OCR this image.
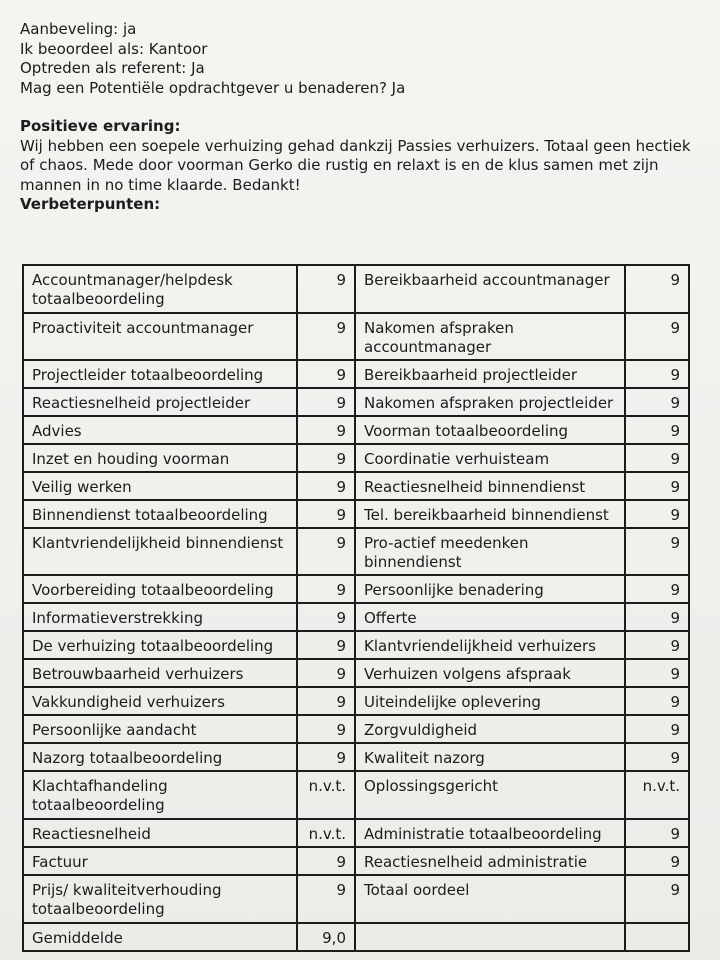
Aanbeveling: ja
Ik beoordeel als: Kantoor
Optreden als referent: Ja
Mag een Potentiële opdrachtgever u benaderen? Ja
Positieve ervaring:

Wij hebben een soepele verhuizing gehad dankzij Passies verhuizers. Totaal geen hectiek of chaos. Mede door voorman Gerko die rustig en relaxt is en de klus samen met zijn mannen in no time klaarde. Bedankt!

Verbeterpunten:
Accountmanager/helpdesk totaalbeoordeling	9	Bereikbaarheid accountmanager	9
Proactiviteit accountmanager	9	Nakomen afspraken accountmanager	9
Projectleider totaalbeoordeling	9	Bereikbaarheid projectleider	9
Reactiesnelheid projectleider	9	Nakomen afspraken projectleider	9
Advies	9	Voorman totaalbeoordeling	9
Inzet en houding voorman	9	Coordinatie verhuisteam	9
Veilig werken	9	Reactiesnelheid binnendienst	9
Binnendienst totaalbeoordeling	9	Tel. bereikbaarheid binnendienst	9
Klantvriendelijkheid binnendienst	9	Pro-actief meedenken binnendienst	9
Voorbereiding totaalbeoordeling	9	Persoonlijke benadering	9
Informatieverstrekking	9	Offerte	9
De verhuizing totaalbeoordeling	9	Klantvriendelijkheid verhuizers	9
Betrouwbaarheid verhuizers	9	Verhuizen volgens afspraak	9
Vakkundigheid verhuizers	9	Uiteindelijke oplevering	9
Persoonlijke aandacht	9	Zorgvuldigheid	9
Nazorg totaalbeoordeling	9	Kwaliteit nazorg	9
Klachtafhandeling totaalbeoordeling	n.v.t.	Oplossingsgericht	n.v.t.
Reactiesnelheid	n.v.t.	Administratie totaalbeoordeling	9
Factuur	9	Reactiesnelheid administratie	9
Prijs/ kwaliteitverhouding totaalbeoordeling	9	Totaal oordeel	9
Gemiddelde	9,0		
